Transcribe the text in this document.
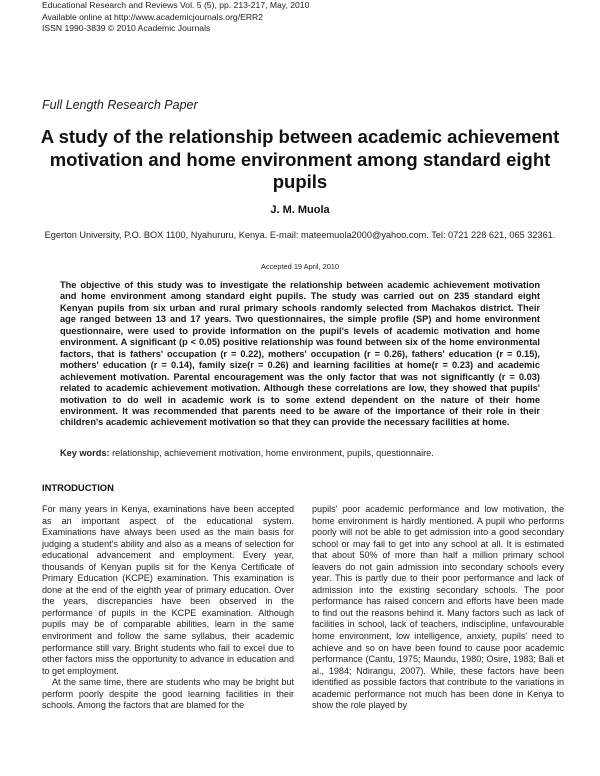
Educational Research and Reviews Vol. 5 (5), pp. 213-217, May, 2010
Available online at http://www.academicjournals.org/ERR2
ISSN 1990-3839 © 2010 Academic Journals
Full Length Research Paper
A study of the relationship between academic achievement motivation and home environment among standard eight pupils
J. M. Muola
Egerton University, P.O. BOX 1100, Nyahururu, Kenya. E-mail: mateemuola2000@yahoo.com. Tel: 0721 228 621, 065 32361.
Accepted 19 April, 2010
The objective of this study was to investigate the relationship between academic achievement motivation and home environment among standard eight pupils. The study was carried out on 235 standard eight Kenyan pupils from six urban and rural primary schools randomly selected from Machakos district. Their age ranged between 13 and 17 years. Two questionnaires, the simple profile (SP) and home environment questionnaire, were used to provide information on the pupil's levels of academic motivation and home environment. A significant (p < 0.05) positive relationship was found between six of the home environmental factors, that is fathers' occupation (r = 0.22), mothers' occupation (r = 0.26), fathers' education (r = 0.15), mothers' education (r = 0.14), family size(r = 0.26) and learning facilities at home(r = 0.23) and academic achievement motivation. Parental encouragement was the only factor that was not significantly (r = 0.03) related to academic achievement motivation. Although these correlations are low, they showed that pupils' motivation to do well in academic work is to some extend dependent on the nature of their home environment. It was recommended that parents need to be aware of the importance of their role in their children's academic achievement motivation so that they can provide the necessary facilities at home.
Key words: relationship, achievement motivation, home environment, pupils, questionnaire.
INTRODUCTION

For many years in Kenya, examinations have been accepted as an important aspect of the educational system. Examinations have always been used as the main basis for judging a student's ability and also as a means of selection for educational advancement and employment. Every year, thousands of Kenyan pupils sit for the Kenya Certificate of Primary Education (KCPE) examination. This examination is done at the end of the eighth year of primary education. Over the years, discrepancies have been observed in the performance of pupils in the KCPE examination. Although pupils may be of comparable abilities, learn in the same environment and follow the same syllabus, their academic performance still vary. Bright students who fail to excel due to other factors miss the opportunity to advance in education and to get employment.

At the same time, there are students who may be bright but perform poorly despite the good learning facilities in their schools. Among the factors that are blamed for the

pupils' poor academic performance and low motivation, the home environment is hardly mentioned. A pupil who performs poorly will not be able to get admission into a good secondary school or may fail to get into any school at all. It is estimated that about 50% of more than half a million primary school leavers do not gain admission into secondary schools every year. This is partly due to their poor performance and lack of admission into the existing secondary schools. The poor performance has raised concern and efforts have been made to find out the reasons behind it. Many factors such as lack of facilities in school, lack of teachers, indiscipline, unfavourable home environment, low intelligence, anxiety, pupils' need to achieve and so on have been found to cause poor academic performance (Cantu, 1975; Maundu, 1980; Osire, 1983; Bali et al., 1984; Ndirangu, 2007). While, these factors have been identified as possible factors that contribute to the variations in academic performance not much has been done in Kenya to show the role played by
